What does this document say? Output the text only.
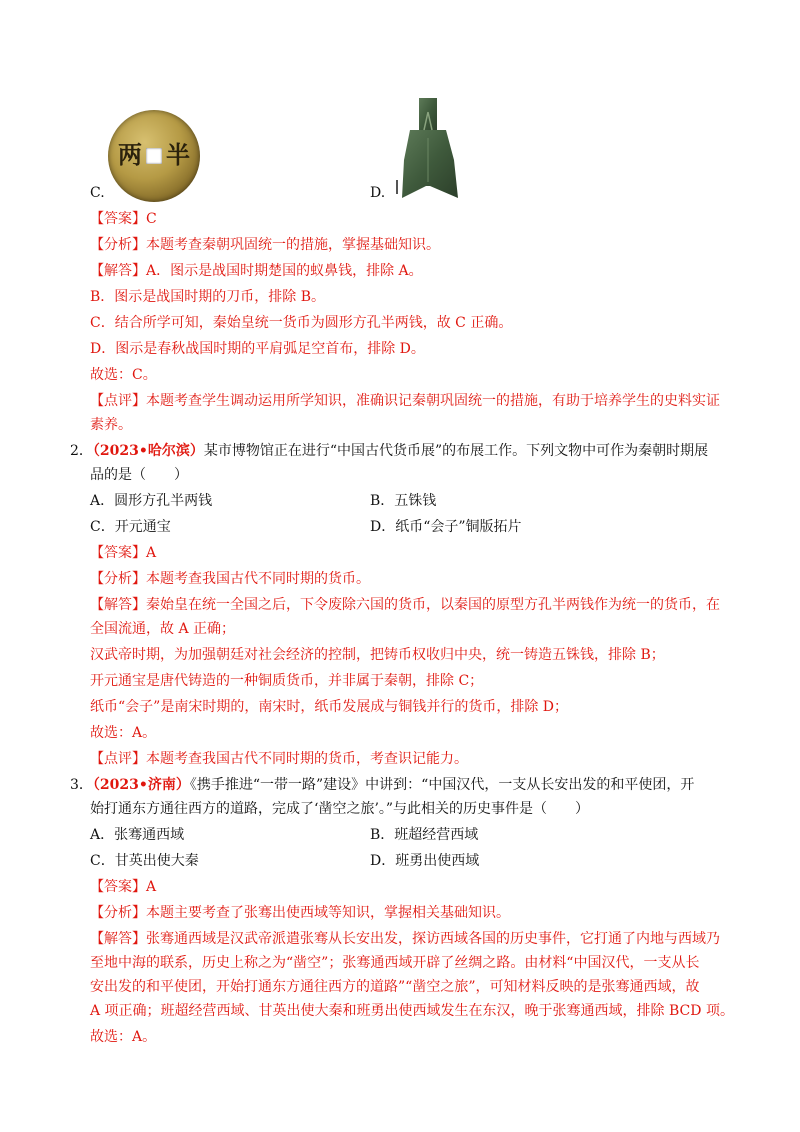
两 半
C.	D.
【答案】C
【分析】本题考查秦朝巩固统一的措施，掌握基础知识。
【解答】A．图示是战国时期楚国的蚁鼻钱，排除 A。
B．图示是战国时期的刀币，排除 B。
C．结合所学可知，秦始皇统一货币为圆形方孔半两钱，故 C 正确。
D．图示是春秋战国时期的平肩弧足空首布，排除 D。
故选：C。
【点评】本题考查学生调动运用所学知识，准确识记秦朝巩固统一的措施，有助于培养学生的史料实证
素养。
2．（2023•哈尔滨）某市博物馆正在进行“中国古代货币展”的布展工作。下列文物中可作为秦朝时期展
品的是（　　）
A．圆形方孔半两钱	B．五铢钱
C．开元通宝	D．纸币“会子”铜版拓片
【答案】A
【分析】本题考查我国古代不同时期的货币。
【解答】秦始皇在统一全国之后，下令废除六国的货币，以秦国的原型方孔半两钱作为统一的货币，在
全国流通，故 A 正确；
汉武帝时期，为加强朝廷对社会经济的控制，把铸币权收归中央，统一铸造五铢钱，排除 B；
开元通宝是唐代铸造的一种铜质货币，并非属于秦朝，排除 C；
纸币“会子”是南宋时期的，南宋时，纸币发展成与铜钱并行的货币，排除 D；
故选：A。
【点评】本题考查我国古代不同时期的货币，考查识记能力。
3．（2023•济南）《携手推进“一带一路”建设》中讲到：“中国汉代，一支从长安出发的和平使团，开
始打通东方通往西方的道路，完成了‘凿空之旅’。”与此相关的历史事件是（　　）
A．张骞通西域	B．班超经营西域
C．甘英出使大秦	D．班勇出使西域
【答案】A
【分析】本题主要考查了张骞出使西域等知识，掌握相关基础知识。
【解答】张骞通西域是汉武帝派遣张骞从长安出发，探访西域各国的历史事件，它打通了内地与西域乃
至地中海的联系，历史上称之为“凿空”；张骞通西域开辟了丝绸之路。由材料“中国汉代，一支从长
安出发的和平使团，开始打通东方通往西方的道路”“凿空之旅”，可知材料反映的是张骞通西域，故
A 项正确；班超经营西域、甘英出使大秦和班勇出使西域发生在东汉，晚于张骞通西域，排除 BCD 项。
故选：A。
